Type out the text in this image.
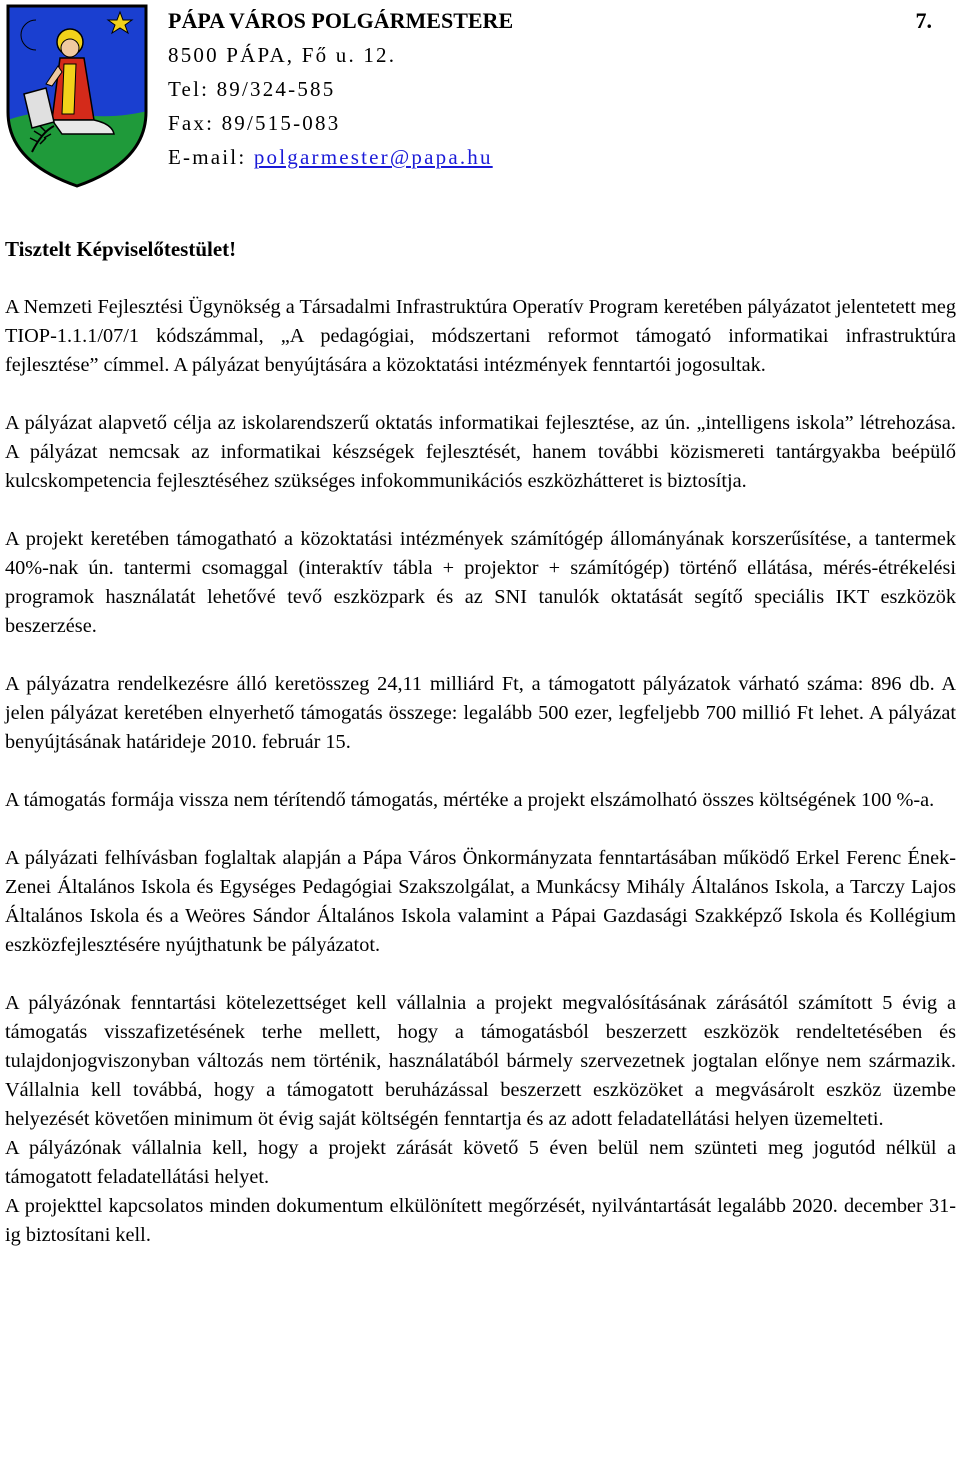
PÁPA VÁROS POLGÁRMESTERE	7.
8500 PÁPA, Fő u. 12.
Tel: 89/324-585
Fax: 89/515-083
E-mail: polgarmester@papa.hu
Tisztelt Képviselőtestület!

A Nemzeti Fejlesztési Ügynökség a Társadalmi Infrastruktúra Operatív Program keretében pályázatot jelentetett meg TIOP-1.1.1/07/1 kódszámmal, „A pedagógiai, módszertani reformot támogató informatikai infrastruktúra fejlesztése” címmel. A pályázat benyújtására a közoktatási intézmények fenntartói jogosultak.

A pályázat alapvető célja az iskolarendszerű oktatás informatikai fejlesztése, az ún. „intelligens iskola” létrehozása. A pályázat nemcsak az informatikai készségek fejlesztését, hanem további közismereti tantárgyakba beépülő kulcskompetencia fejlesztéséhez szükséges infokommunikációs eszközhátteret is biztosítja.

A projekt keretében támogatható a közoktatási intézmények számítógép állományának korszerűsítése, a tantermek 40%-nak ún. tantermi csomaggal (interaktív tábla + projektor + számítógép) történő ellátása, mérés-étrékelési programok használatát lehetővé tevő eszközpark és az SNI tanulók oktatását segítő speciális IKT eszközök beszerzése.

A pályázatra rendelkezésre álló keretösszeg 24,11 milliárd Ft, a támogatott pályázatok várható száma: 896 db. A jelen pályázat keretében elnyerhető támogatás összege: legalább 500 ezer, legfeljebb 700 millió Ft lehet. A pályázat benyújtásának határideje 2010. február 15.

A támogatás formája vissza nem térítendő támogatás, mértéke a projekt elszámolható összes költségének 100 %-a.

A pályázati felhívásban foglaltak alapján a Pápa Város Önkormányzata fenntartásában működő Erkel Ferenc Ének-Zenei Általános Iskola és Egységes Pedagógiai Szakszolgálat, a Munkácsy Mihály Általános Iskola, a Tarczy Lajos Általános Iskola és a Weöres Sándor Általános Iskola valamint a Pápai Gazdasági Szakképző Iskola és Kollégium eszközfejlesztésére nyújthatunk be pályázatot.

A pályázónak fenntartási kötelezettséget kell vállalnia a projekt megvalósításának zárásától számított 5 évig a támogatás visszafizetésének terhe mellett, hogy a támogatásból beszerzett eszközök rendeltetésében és tulajdonjogviszonyban változás nem történik, használatából bármely szervezetnek jogtalan előnye nem származik. Vállalnia kell továbbá, hogy a támogatott beruházással beszerzett eszközöket a megvásárolt eszköz üzembe helyezését követően minimum öt évig saját költségén fenntartja és az adott feladatellátási helyen üzemelteti.

A pályázónak vállalnia kell, hogy a projekt zárását követő 5 éven belül nem szünteti meg jogutód nélkül a támogatott feladatellátási helyet.

A projekttel kapcsolatos minden dokumentum elkülönített megőrzését, nyilvántartását legalább 2020. december 31-ig biztosítani kell.
